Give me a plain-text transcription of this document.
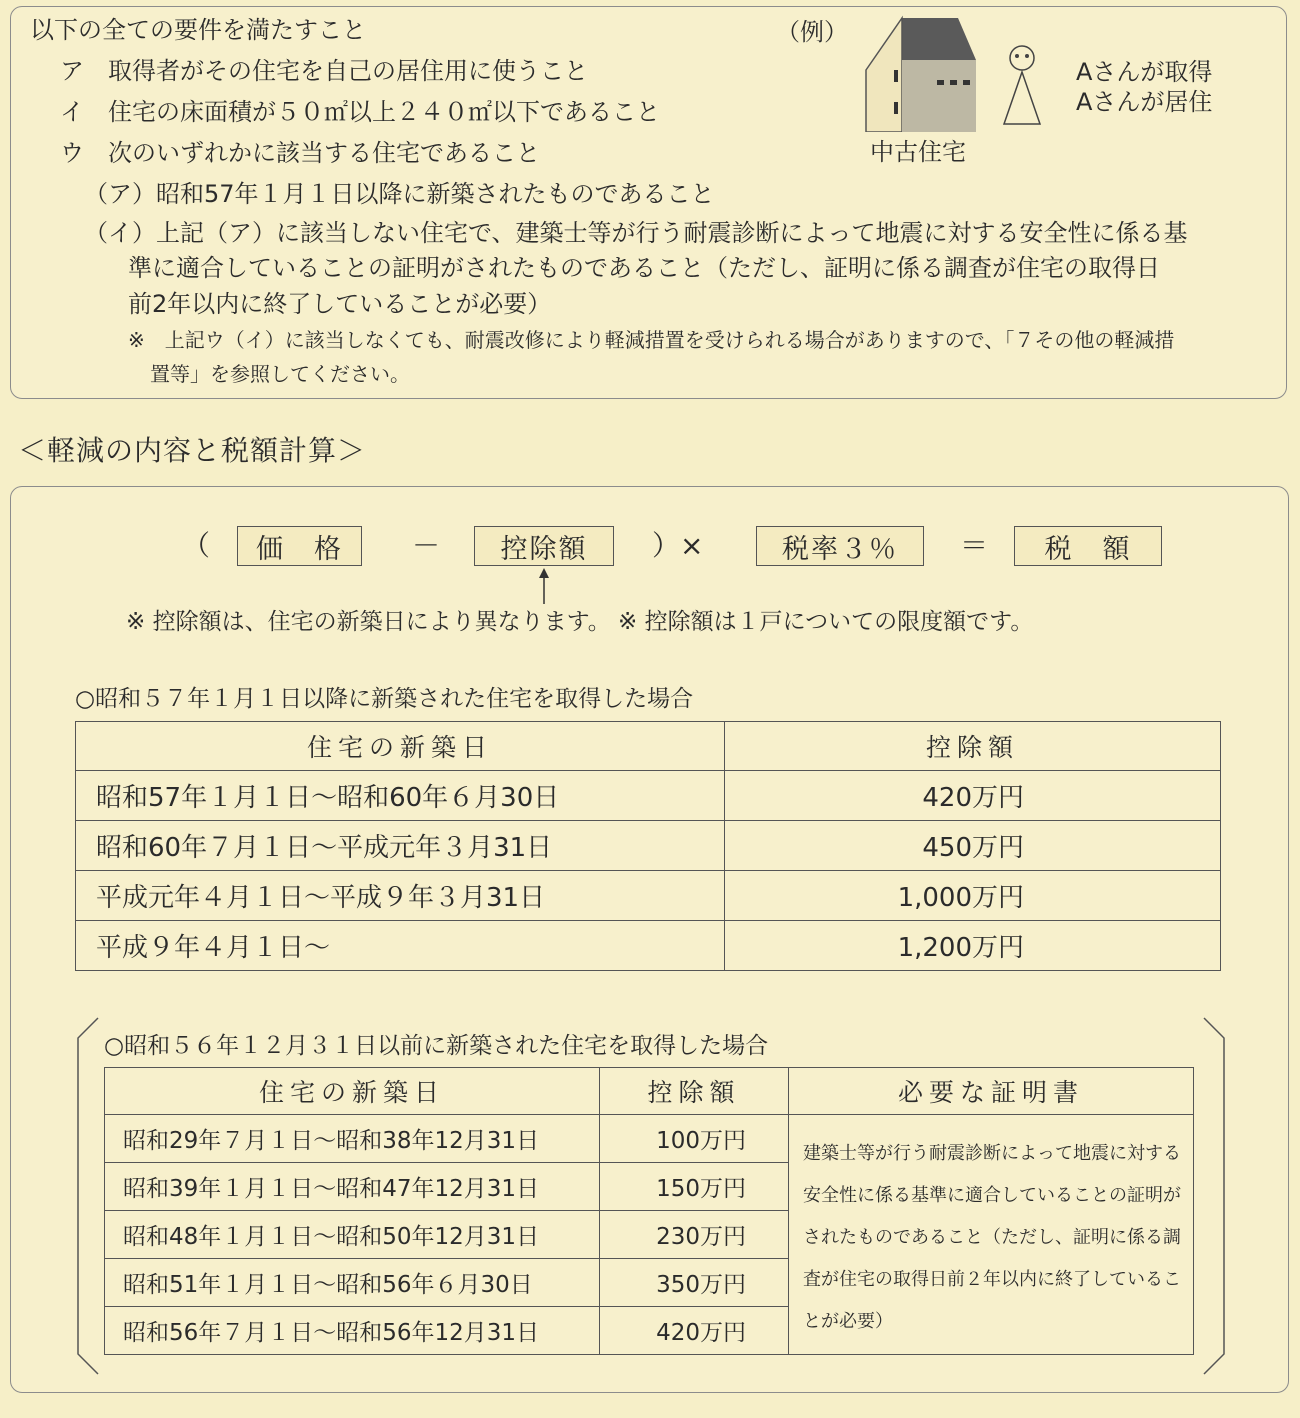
以下の全ての要件を満たすこと
ア　取得者がその住宅を自己の居住用に使うこと
イ　住宅の床面積が５０㎡以上２４０㎡以下であること
ウ　次のいずれかに該当する住宅であること
（ア）昭和57年１月１日以降に新築されたものであること
（イ）上記（ア）に該当しない住宅で、建築士等が行う耐震診断によって地震に対する安全性に係る基
準に適合していることの証明がされたものであること（ただし、証明に係る調査が住宅の取得日
前2年以内に終了していることが必要）
※　上記ウ（イ）に該当しなくても、耐震改修により軽減措置を受けられる場合がありますので、「７その他の軽減措
置等」を参照してください。
（例）
Aさんが取得
Aさんが居住
中古住宅
＜軽減の内容と税額計算＞
（	価　格	－	控除額	）×	税率３％	＝	税　額
※ 控除額は、住宅の新築日により異なります。 ※ 控除額は１戸についての限度額です。
○昭和５７年１月１日以降に新築された住宅を取得した場合
住宅の新築日	控除額
昭和57年１月１日～昭和60年６月30日	420万円
昭和60年７月１日～平成元年３月31日	450万円
平成元年４月１日～平成９年３月31日	1,000万円
平成９年４月１日～	1,200万円
○昭和５６年１２月３１日以前に新築された住宅を取得した場合
住宅の新築日	控除額	必要な証明書
昭和29年７月１日～昭和38年12月31日	100万円	建築士等が行う耐震診断によって地震に対する安全性に係る基準に適合していることの証明がされたものであること（ただし、証明に係る調査が住宅の取得日前２年以内に終了していることが必要）
昭和39年１月１日～昭和47年12月31日	150万円	
昭和48年１月１日～昭和50年12月31日	230万円	
昭和51年１月１日～昭和56年６月30日	350万円	
昭和56年７月１日～昭和56年12月31日	420万円	
